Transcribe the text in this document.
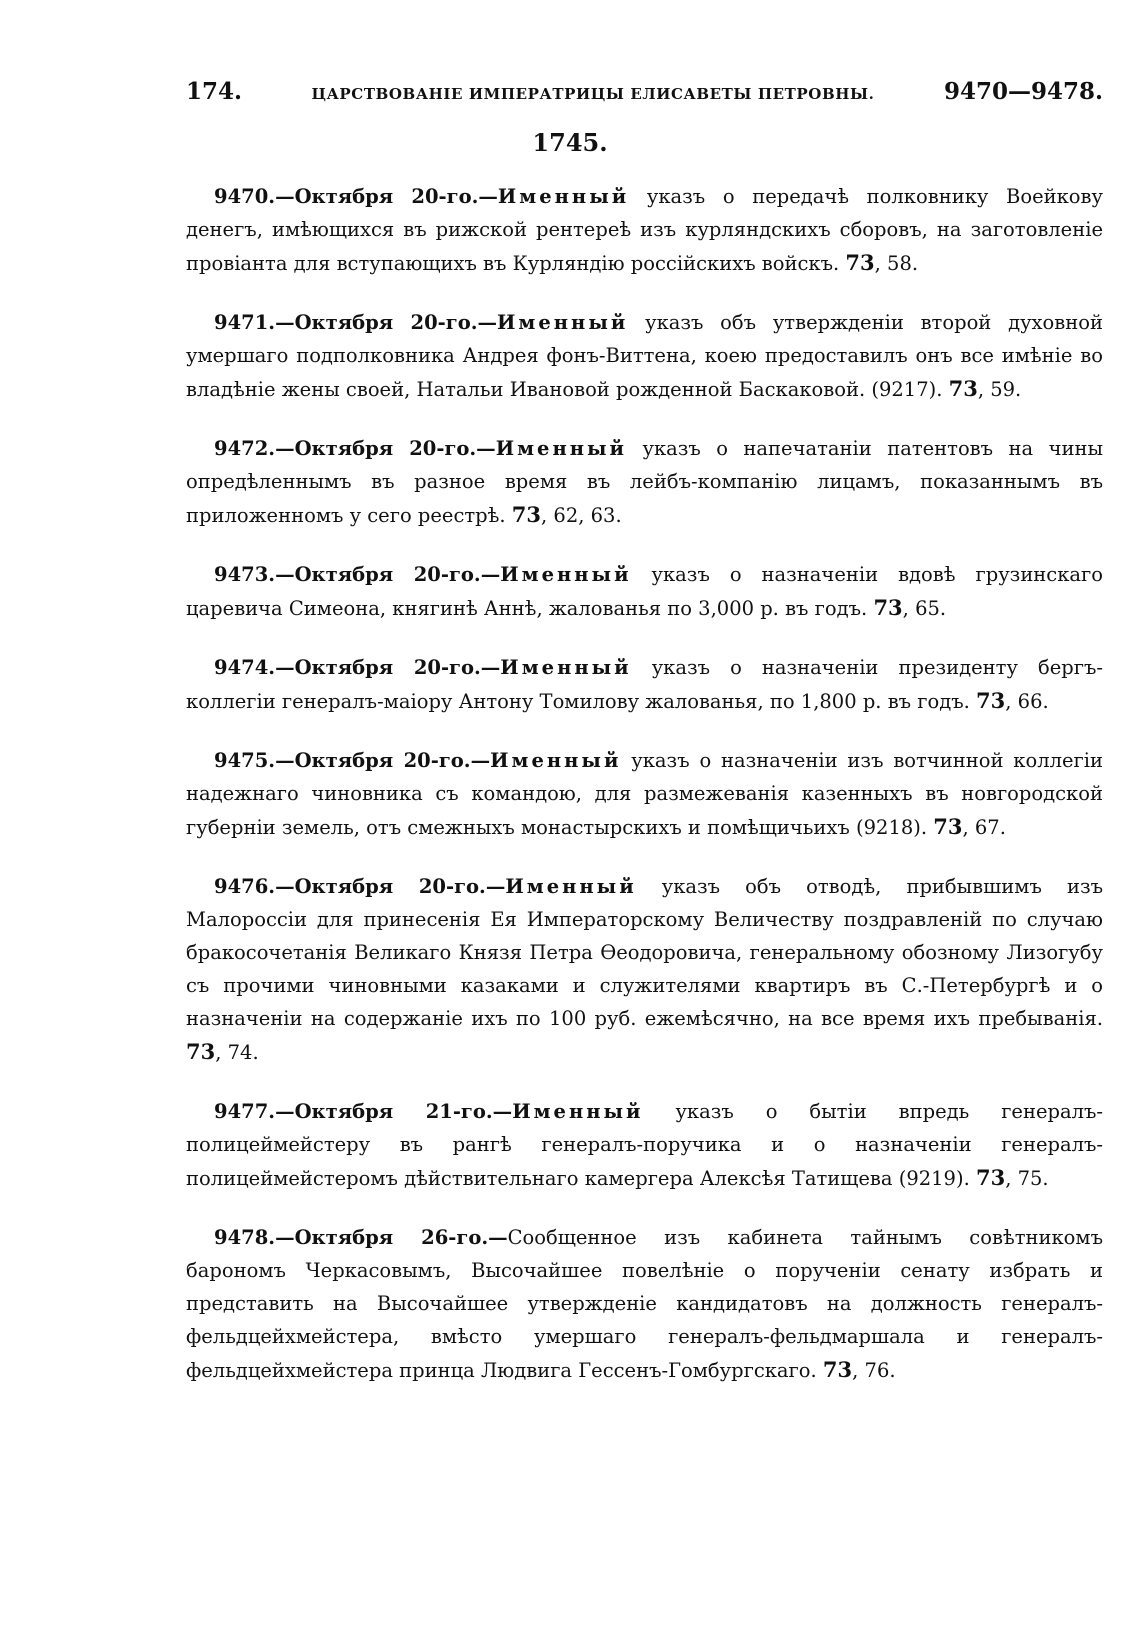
174.	ЦАРСТВОВАНІЕ ИМПЕРАТРИЦЫ ЕЛИСАВЕТЫ ПЕТРОВНЫ.	9470—9478.
1745.

9470.—Октября 20-го.—Именный указъ о передачѣ полковнику Воейкову денегъ, имѣющихся въ рижской рентереѣ изъ курляндскихъ сборовъ, на заготовленіе провіанта для вступающихъ въ Курляндію россійскихъ войскъ. 73, 58.

9471.—Октября 20-го.—Именный указъ объ утвержденіи второй духовной умершаго подполковника Андрея фонъ-Виттена, коею предоставилъ онъ все имѣніе во владѣніе жены своей, Натальи Ивановой рожденной Баскаковой. (9217). 73, 59.

9472.—Октября 20-го.—Именный указъ о напечатаніи патентовъ на чины опредѣленнымъ въ разное время въ лейбъ-компанію лицамъ, показаннымъ въ приложенномъ у сего реестрѣ. 73, 62, 63.

9473.—Октября 20-го.—Именный указъ о назначеніи вдовѣ грузинскаго царевича Симеона, княгинѣ Аннѣ, жалованья по 3,000 р. въ годъ. 73, 65.

9474.—Октября 20-го.—Именный указъ о назначеніи президенту бергъ-коллегіи генералъ-маіору Антону Томилову жалованья, по 1,800 р. въ годъ. 73, 66.

9475.—Октября 20-го.—Именный указъ о назначеніи изъ вотчинной коллегіи надежнаго чиновника съ командою, для размежеванія казенныхъ въ новгородской губерніи земель, отъ смежныхъ монастырскихъ и помѣщичьихъ (9218). 73, 67.

9476.—Октября 20-го.—Именный указъ объ отводѣ, прибывшимъ изъ Малороссіи для принесенія Ея Императорскому Величеству поздравленій по случаю бракосочетанія Великаго Князя Петра Өеодоровича, генеральному обозному Лизогубу съ прочими чиновными казаками и служителями квартиръ въ С.-Петербургѣ и о назначеніи на содержаніе ихъ по 100 руб. ежемѣсячно, на все время ихъ пребыванія. 73, 74.

9477.—Октября 21-го.—Именный указъ о бытіи впредь генералъ-полицеймейстеру въ рангѣ генералъ-поручика и о назначеніи генералъ-полицеймейстеромъ дѣйствительнаго камергера Алексѣя Татищева (9219). 73, 75.

9478.—Октября 26-го.—Сообщенное изъ кабинета тайнымъ совѣтникомъ барономъ Черкасовымъ, Высочайшее повелѣніе о порученіи сенату избрать и представить на Высочайшее утвержденіе кандидатовъ на должность генералъ-фельдцейхмейстера, вмѣсто умершаго генералъ-фельдмаршала и генералъ-фельдцейхмейстера принца Людвига Гессенъ-Гомбургскаго. 73, 76.
